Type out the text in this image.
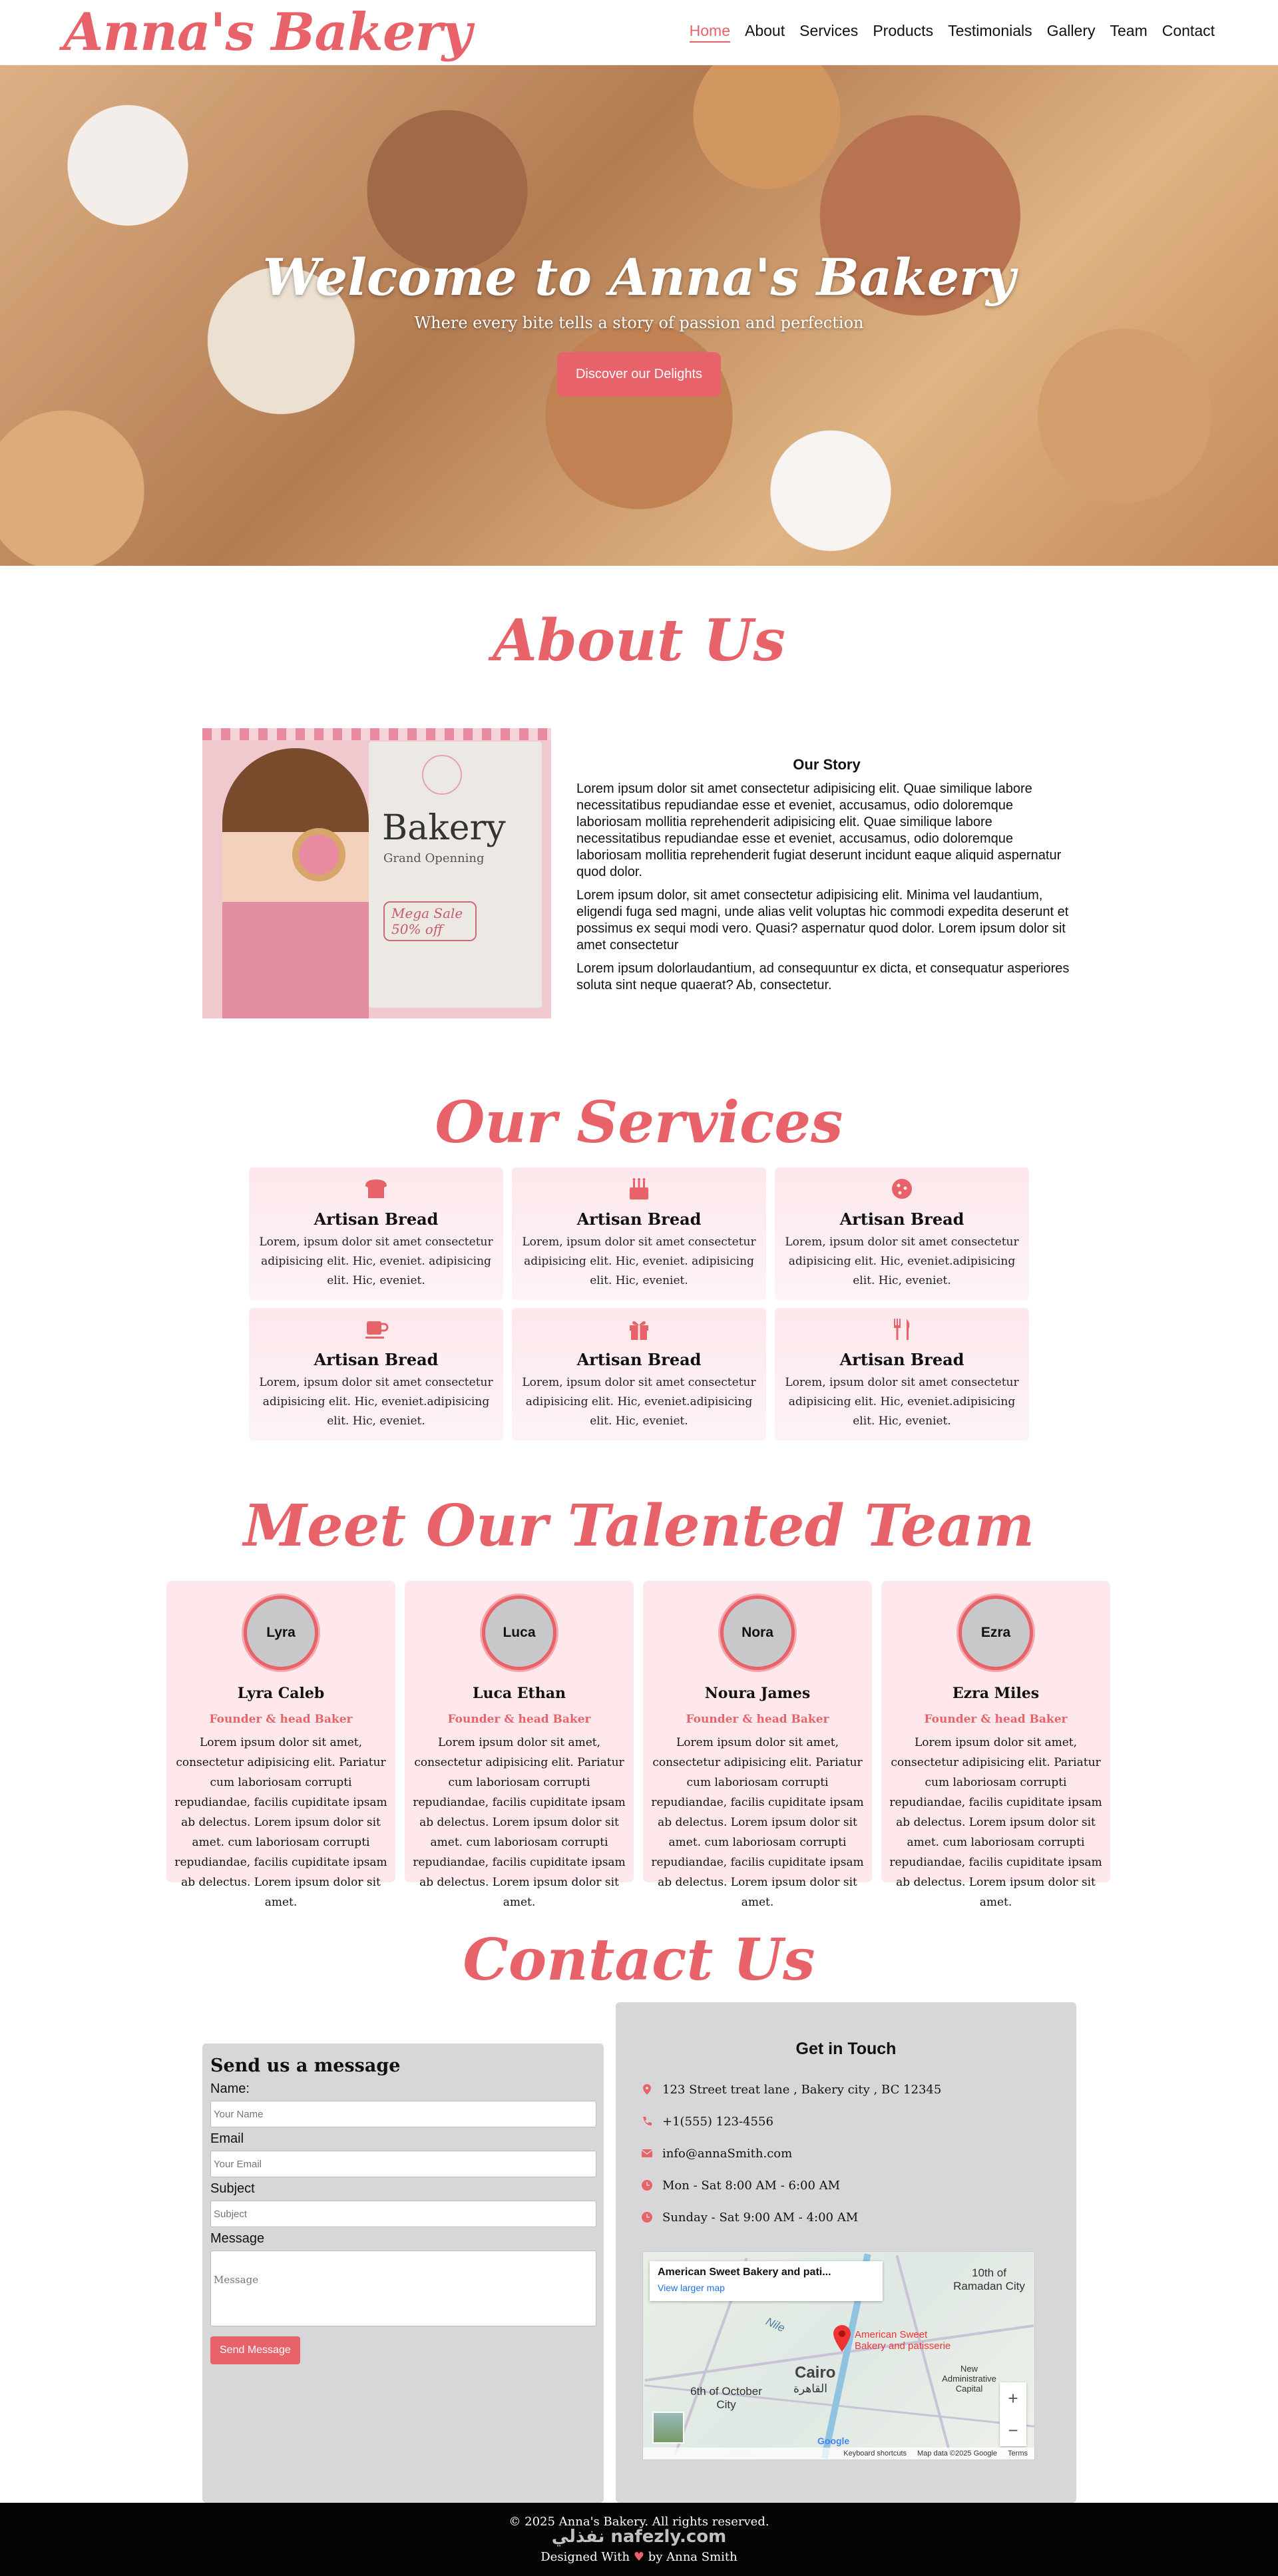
Anna's Bakery	Home About Services Products Testimonials Gallery Team Contact
Welcome to Anna's Bakery
Where every bite tells a story of passion and perfection
Discover our Delights
About Us
Bakery
Grand Openning
Mega Sale
50% off
Our Story

Lorem ipsum dolor sit amet consectetur adipisicing elit. Quae similique labore necessitatibus repudiandae esse et eveniet, accusamus, odio doloremque laboriosam mollitia reprehenderit adipisicing elit. Quae similique labore necessitatibus repudiandae esse et eveniet, accusamus, odio doloremque laboriosam mollitia reprehenderit fugiat deserunt incidunt eaque aliquid aspernatur quod dolor.

Lorem ipsum dolor, sit amet consectetur adipisicing elit. Minima vel laudantium, eligendi fuga sed magni, unde alias velit voluptas hic commodi expedita deserunt et possimus ex sequi modi vero. Quasi? aspernatur quod dolor. Lorem ipsum dolor sit amet consectetur

Lorem ipsum dolorlaudantium, ad consequuntur ex dicta, et consequatur asperiores soluta sint neque quaerat? Ab, consectetur.

Our Services
Artisan Bread

Lorem, ipsum dolor sit amet consectetur adipisicing elit. Hic, eveniet. adipisicing elit. Hic, eveniet.

Artisan Bread

Lorem, ipsum dolor sit amet consectetur adipisicing elit. Hic, eveniet. adipisicing elit. Hic, eveniet.

Artisan Bread

Lorem, ipsum dolor sit amet consectetur adipisicing elit. Hic, eveniet.adipisicing elit. Hic, eveniet.

Artisan Bread

Lorem, ipsum dolor sit amet consectetur adipisicing elit. Hic, eveniet.adipisicing elit. Hic, eveniet.

Artisan Bread

Lorem, ipsum dolor sit amet consectetur adipisicing elit. Hic, eveniet.adipisicing elit. Hic, eveniet.

Artisan Bread

Lorem, ipsum dolor sit amet consectetur adipisicing elit. Hic, eveniet.adipisicing elit. Hic, eveniet.

Meet Our Talented Team
Lyra
Lyra Caleb
Founder & head Baker

Lorem ipsum dolor sit amet, consectetur adipisicing elit. Pariatur cum laboriosam corrupti repudiandae, facilis cupiditate ipsam ab delectus. Lorem ipsum dolor sit amet. cum laboriosam corrupti repudiandae, facilis cupiditate ipsam ab delectus. Lorem ipsum dolor sit amet.

Luca
Luca Ethan
Founder & head Baker

Lorem ipsum dolor sit amet, consectetur adipisicing elit. Pariatur cum laboriosam corrupti repudiandae, facilis cupiditate ipsam ab delectus. Lorem ipsum dolor sit amet. cum laboriosam corrupti repudiandae, facilis cupiditate ipsam ab delectus. Lorem ipsum dolor sit amet.

Nora
Noura James
Founder & head Baker

Lorem ipsum dolor sit amet, consectetur adipisicing elit. Pariatur cum laboriosam corrupti repudiandae, facilis cupiditate ipsam ab delectus. Lorem ipsum dolor sit amet. cum laboriosam corrupti repudiandae, facilis cupiditate ipsam ab delectus. Lorem ipsum dolor sit amet.

Ezra
Ezra Miles
Founder & head Baker

Lorem ipsum dolor sit amet, consectetur adipisicing elit. Pariatur cum laboriosam corrupti repudiandae, facilis cupiditate ipsam ab delectus. Lorem ipsum dolor sit amet. cum laboriosam corrupti repudiandae, facilis cupiditate ipsam ab delectus. Lorem ipsum dolor sit amet.

Contact Us
Send us a message
Name:
Your Name
Email
Your Email
Subject
Subject
Message
Message Send Message
Get in Touch
123 Street treat lane , Bakery city , BC 12345
+1(555) 123-4556
info@annaSmith.com
Mon - Sat 8:00 AM - 6:00 AM
Sunday - Sat 9:00 AM - 4:00 AM
American Sweet Bakery and pati...
View larger map
10th of Ramadan City
Nile
American Sweet
Bakery and patisserie
Cairo
القاهرة
New Administrative Capital
6th of October City	+
−
Google
Keyboard shortcuts Map data ©2025 Google Terms
© 2025 Anna's Bakery. All rights reserved.
Designed With ♥ by Anna Smith
نفذلي nafezly.com
